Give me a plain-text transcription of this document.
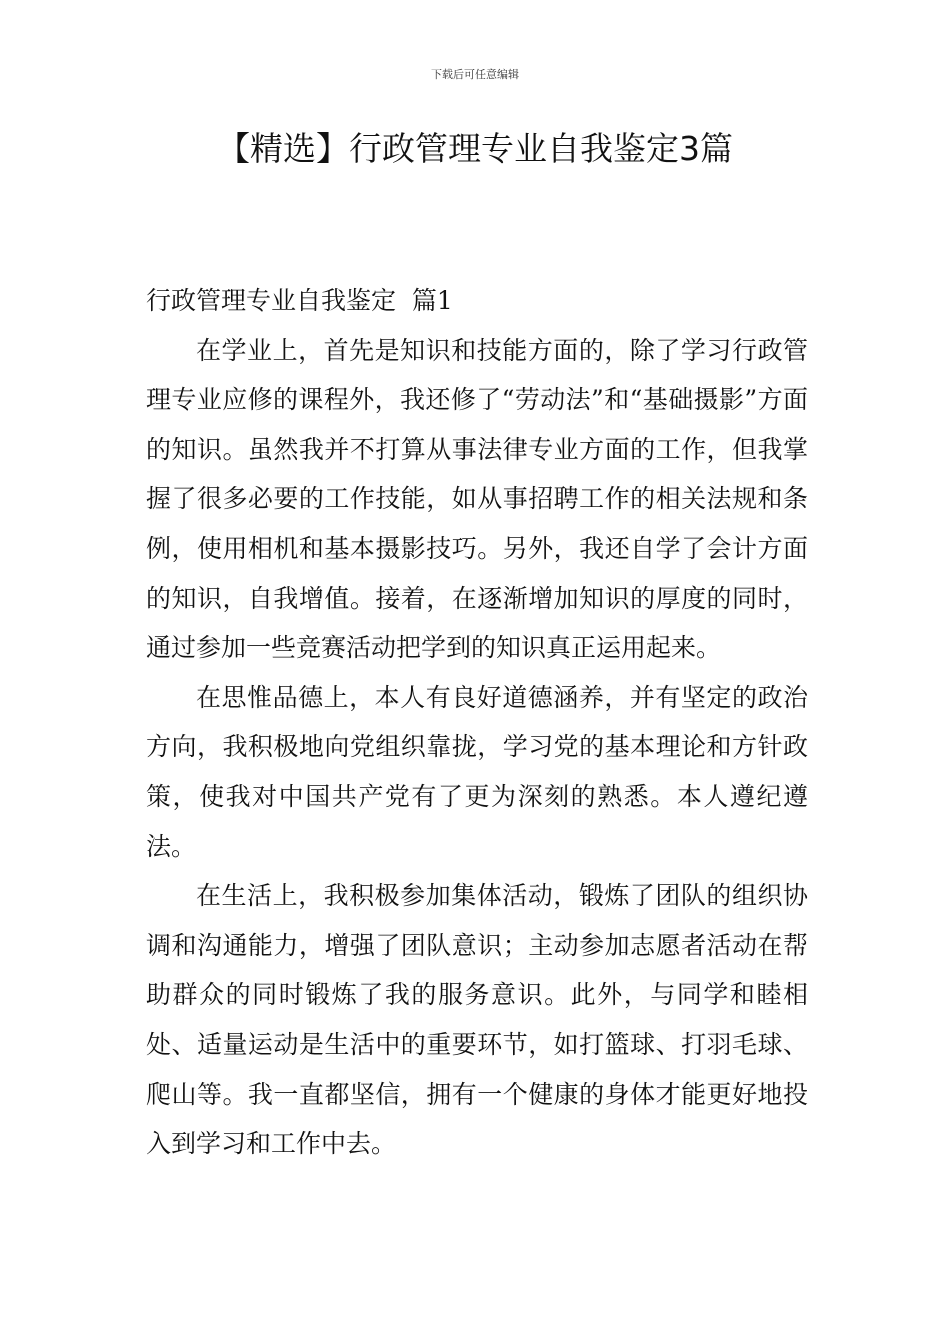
下载后可任意编辑
【精选】行政管理专业自我鉴定3篇
行政管理专业自我鉴定  篇1

在学业上，首先是知识和技能方面的，除了学习行政管理专业应修的课程外，我还修了“劳动法”和“基础摄影”方面的知识。虽然我并不打算从事法律专业方面的工作，但我掌握了很多必要的工作技能，如从事招聘工作的相关法规和条例，使用相机和基本摄影技巧。另外，我还自学了会计方面的知识，自我增值。接着，在逐渐增加知识的厚度的同时，通过参加一些竞赛活动把学到的知识真正运用起来。

在思惟品德上，本人有良好道德涵养，并有坚定的政治方向，我积极地向党组织靠拢，学习党的基本理论和方针政策，使我对中国共产党有了更为深刻的熟悉。本人遵纪遵法。

在生活上，我积极参加集体活动，锻炼了团队的组织协调和沟通能力，增强了团队意识；主动参加志愿者活动在帮助群众的同时锻炼了我的服务意识。此外，与同学和睦相处、适量运动是生活中的重要环节，如打篮球、打羽毛球、爬山等。我一直都坚信，拥有一个健康的身体才能更好地投入到学习和工作中去。
